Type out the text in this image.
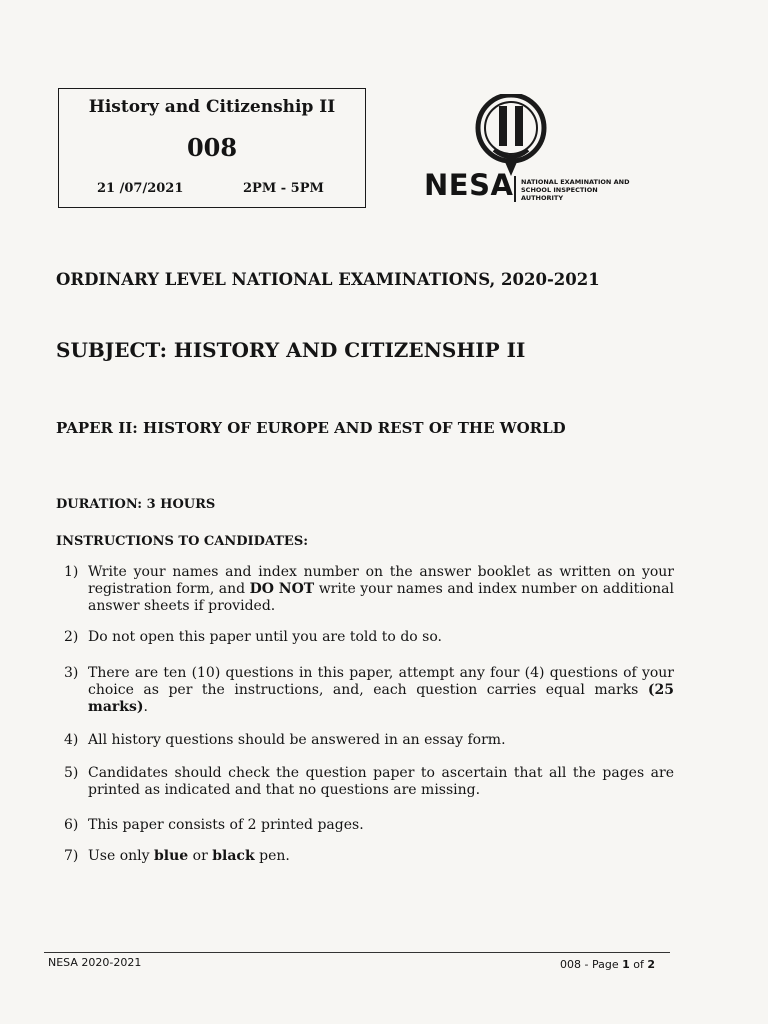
History and Citizenship II
008
21 /07/2021	2PM - 5PM	NESA NATIONAL EXAMINATION AND
SCHOOL INSPECTION
AUTHORITY
ORDINARY LEVEL NATIONAL EXAMINATIONS, 2020-2021
SUBJECT: HISTORY AND CITIZENSHIP II
PAPER II: HISTORY OF EUROPE AND REST OF THE WORLD
DURATION: 3 HOURS
INSTRUCTIONS TO CANDIDATES:
1) Write your names and index number on the answer booklet as written on your registration form, and DO NOT write your names and index number on additional answer sheets if provided.
2) Do not open this paper until you are told to do so.
3) There are ten (10) questions in this paper, attempt any four (4) questions of your choice as per the instructions, and, each question carries equal marks (25 marks).
4) All history questions should be answered in an essay form.
5) Candidates should check the question paper to ascertain that all the pages are printed as indicated and that no questions are missing.
6) This paper consists of 2 printed pages.
7) Use only blue or black pen.
NESA 2020-2021	008 - Page 1 of 2
